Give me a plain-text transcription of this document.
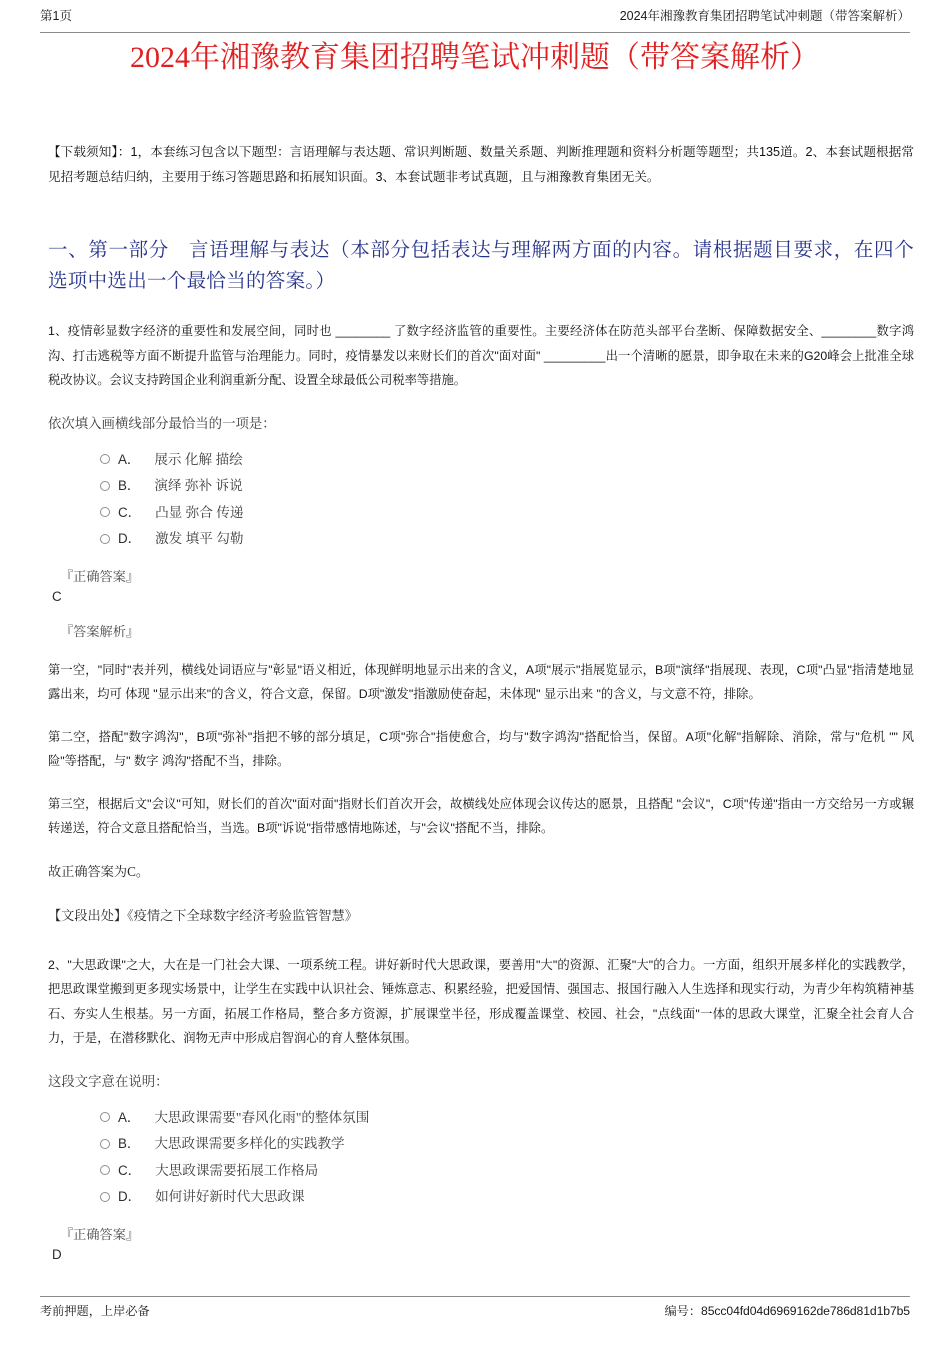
第1页	2024年湘豫教育集团招聘笔试冲刺题（带答案解析）
2024年湘豫教育集团招聘笔试冲刺题（带答案解析）

【下载须知】：1，本套练习包含以下题型：言语理解与表达题、常识判断题、数量关系题、判断推理题和资料分析题等题型；共135道。2、本套试题根据常见招考题总结归纳，主要用于练习答题思路和拓展知识面。3、本套试题非考试真题，且与湘豫教育集团无关。

一、第一部分　言语理解与表达（本部分包括表达与理解两方面的内容。请根据题目要求，在四个选项中选出一个最恰当的答案。）

1、疫情彰显数字经济的重要性和发展空间，同时也 ________ 了数字经济监管的重要性。主要经济体在防范头部平台垄断、保障数据安全、________数字鸿沟、打击逃税等方面不断提升监管与治理能力。同时，疫情暴发以来财长们的首次"面对面" _________出一个清晰的愿景，即争取在未来的G20峰会上批准全球税改协议。会议支持跨国企业利润重新分配、设置全球最低公司税率等措施。

依次填入画横线部分最恰当的一项是：

A． 展示 化解 描绘
B． 演绎 弥补 诉说
C． 凸显 弥合 传递
D． 激发 填平 勾勒
『正确答案』
C
『答案解析』

第一空，"同时"表并列，横线处词语应与"彰显"语义相近，体现鲜明地显示出来的含义，A项"展示"指展览显示，B项"演绎"指展现、表现，C项"凸显"指清楚地显露出来，均可 体现 "显示出来"的含义，符合文意，保留。D项"激发"指激励使奋起，未体现" 显示出来 "的含义，与文意不符，排除。

第二空，搭配"数字鸿沟"，B项"弥补"指把不够的部分填足，C项"弥合"指使愈合，均与"数字鸿沟"搭配恰当，保留。A项"化解"指解除、消除，常与"危机 "" 风险"等搭配，与" 数字 鸿沟"搭配不当，排除。

第三空，根据后文"会议"可知，财长们的首次"面对面"指财长们首次开会，故横线处应体现会议传达的愿景，且搭配 "会议"，C项"传递"指由一方交给另一方或辗转递送，符合文意且搭配恰当，当选。B项"诉说"指带感情地陈述，与"会议"搭配不当，排除。

故正确答案为C。

【文段出处】《疫情之下全球数字经济考验监管智慧》

2、"大思政课"之大，大在是一门社会大课、一项系统工程。讲好新时代大思政课，要善用"大"的资源、汇聚"大"的合力。一方面，组织开展多样化的实践教学，把思政课堂搬到更多现实场景中，让学生在实践中认识社会、锤炼意志、积累经验，把爱国情、强国志、报国行融入人生选择和现实行动，为青少年构筑精神基石、夯实人生根基。另一方面，拓展工作格局，整合多方资源，扩展课堂半径，形成覆盖课堂、校园、社会，"点线面"一体的思政大课堂，汇聚全社会育人合力，于是，在潜移默化、润物无声中形成启智润心的育人整体氛围。

这段文字意在说明：

A． 大思政课需要"春风化雨"的整体氛围
B． 大思政课需要多样化的实践教学
C． 大思政课需要拓展工作格局
D． 如何讲好新时代大思政课
『正确答案』
D
考前押题，上岸必备	编号：85cc04fd04d6969162de786d81d1b7b5
